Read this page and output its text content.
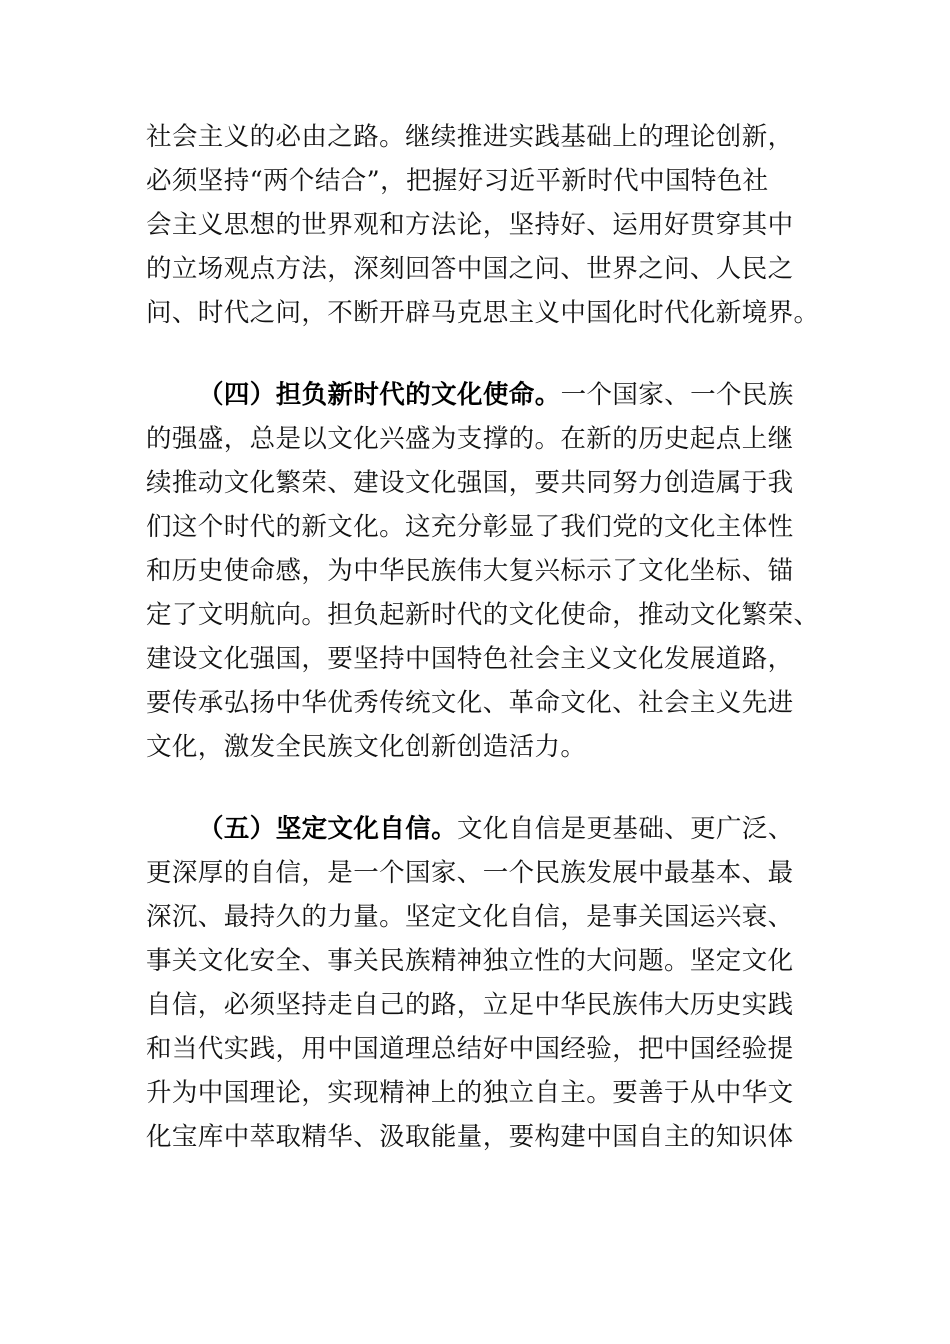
社会主义的必由之路。继续推进实践基础上的理论创新，
必须坚持“两个结合”，把握好习近平新时代中国特色社
会主义思想的世界观和方法论，坚持好、运用好贯穿其中
的立场观点方法，深刻回答中国之问、世界之问、人民之
问、时代之问，不断开辟马克思主义中国化时代化新境界。
（四）担负新时代的文化使命。一个国家、一个民族
的强盛，总是以文化兴盛为支撑的。在新的历史起点上继
续推动文化繁荣、建设文化强国，要共同努力创造属于我
们这个时代的新文化。这充分彰显了我们党的文化主体性
和历史使命感，为中华民族伟大复兴标示了文化坐标、锚
定了文明航向。担负起新时代的文化使命，推动文化繁荣、
建设文化强国，要坚持中国特色社会主义文化发展道路，
要传承弘扬中华优秀传统文化、革命文化、社会主义先进
文化，激发全民族文化创新创造活力。
（五）坚定文化自信。文化自信是更基础、更广泛、
更深厚的自信，是一个国家、一个民族发展中最基本、最
深沉、最持久的力量。坚定文化自信，是事关国运兴衰、
事关文化安全、事关民族精神独立性的大问题。坚定文化
自信，必须坚持走自己的路，立足中华民族伟大历史实践
和当代实践，用中国道理总结好中国经验，把中国经验提
升为中国理论，实现精神上的独立自主。要善于从中华文
化宝库中萃取精华、汲取能量，要构建中国自主的知识体
